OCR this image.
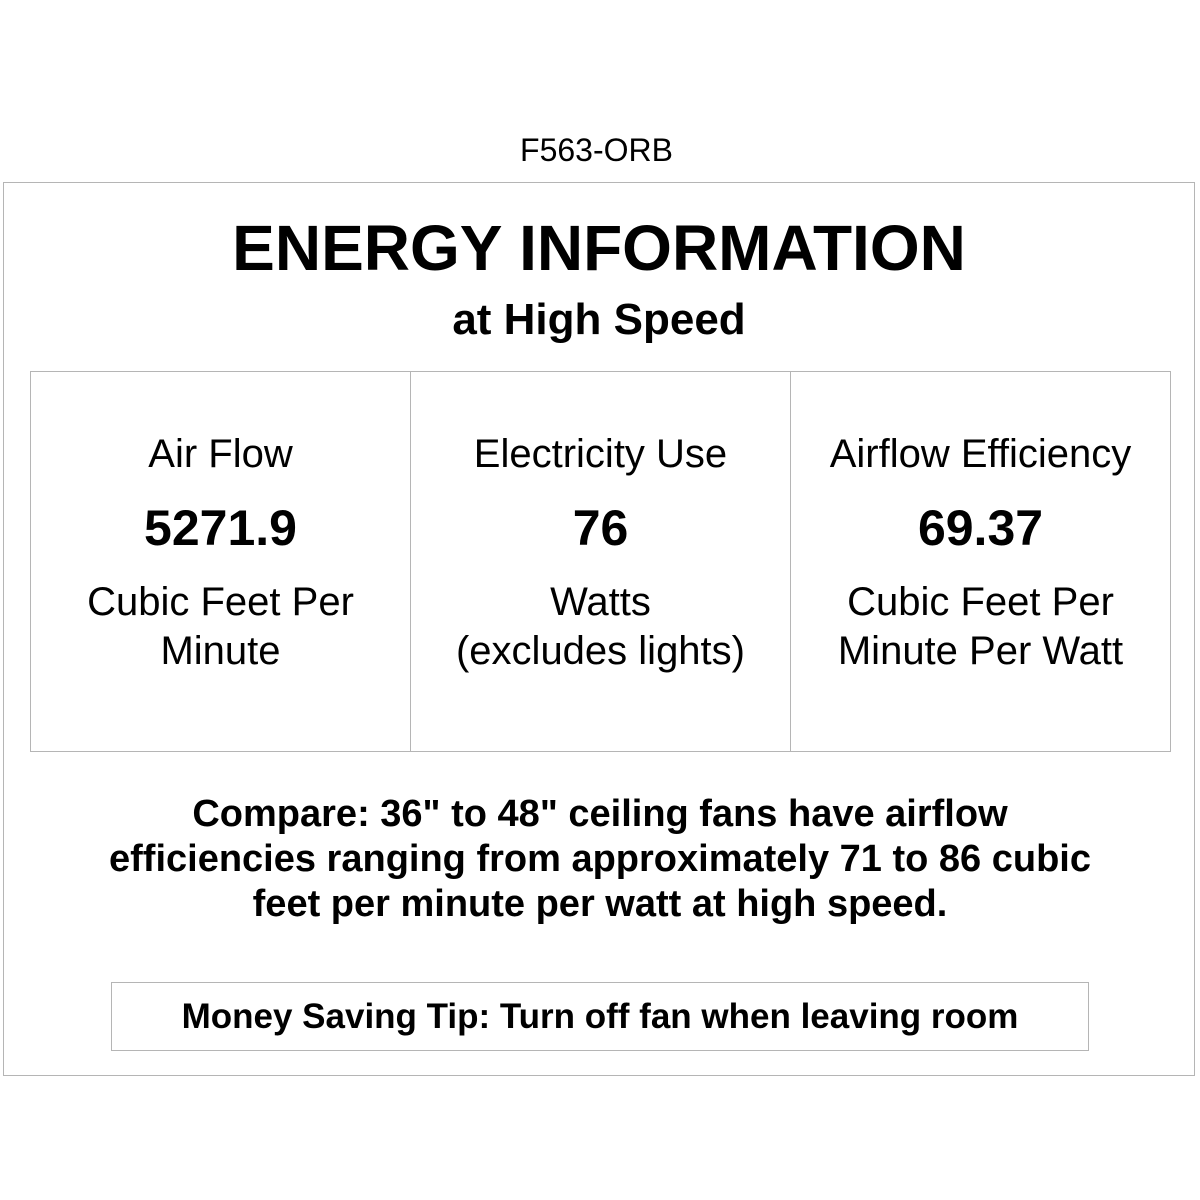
F563-ORB
ENERGY INFORMATION
at High Speed
Air Flow
5271.9
Cubic Feet Per
Minute
Electricity Use
76
Watts
(excludes lights)
Airflow Efficiency
69.37
Cubic Feet Per
Minute Per Watt
Compare: 36" to 48" ceiling fans have airflow
efficiencies ranging from approximately 71 to 86 cubic
feet per minute per watt at high speed.
Money Saving Tip: Turn off fan when leaving room
